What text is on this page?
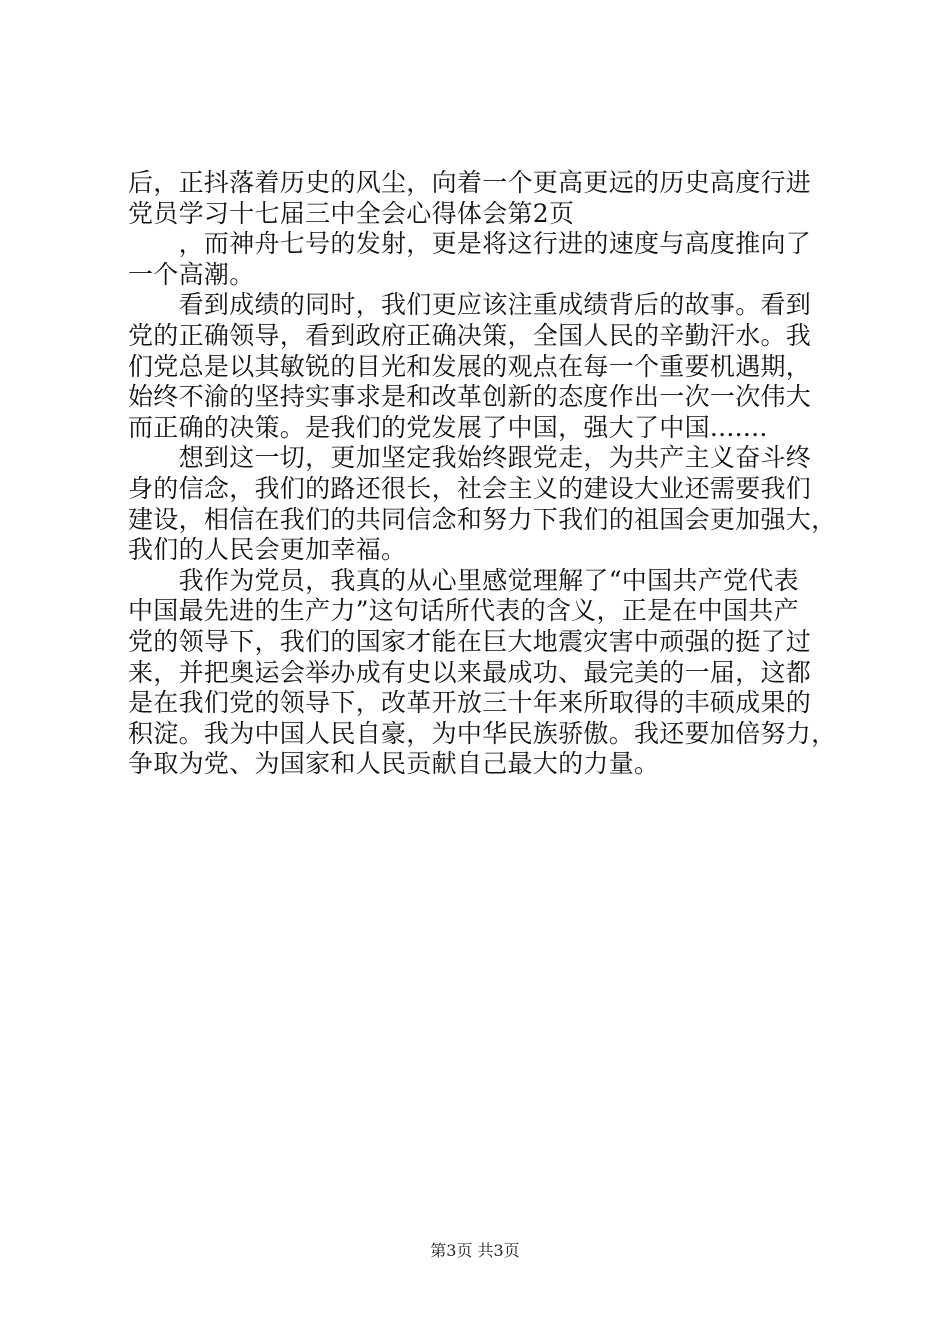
后，正抖落着历史的风尘，向着一个更高更远的历史高度行进
党员学习十七届三中全会心得体会第2页
　　，而神舟七号的发射，更是将这行进的速度与高度推向了
一个高潮。
　　看到成绩的同时，我们更应该注重成绩背后的故事。看到
党的正确领导，看到政府正确决策，全国人民的辛勤汗水。我
们党总是以其敏锐的目光和发展的观点在每一个重要机遇期，
始终不渝的坚持实事求是和改革创新的态度作出一次一次伟大
而正确的决策。是我们的党发展了中国，强大了中国.......
　　想到这一切，更加坚定我始终跟党走，为共产主义奋斗终
身的信念，我们的路还很长，社会主义的建设大业还需要我们
建设，相信在我们的共同信念和努力下我们的祖国会更加强大，
我们的人民会更加幸福。
　　我作为党员，我真的从心里感觉理解了“中国共产党代表
中国最先进的生产力”这句话所代表的含义，正是在中国共产
党的领导下，我们的国家才能在巨大地震灾害中顽强的挺了过
来，并把奥运会举办成有史以来最成功、最完美的一届，这都
是在我们党的领导下，改革开放三十年来所取得的丰硕成果的
积淀。我为中国人民自豪，为中华民族骄傲。我还要加倍努力，
争取为党、为国家和人民贡献自己最大的力量。
第3页 共3页
